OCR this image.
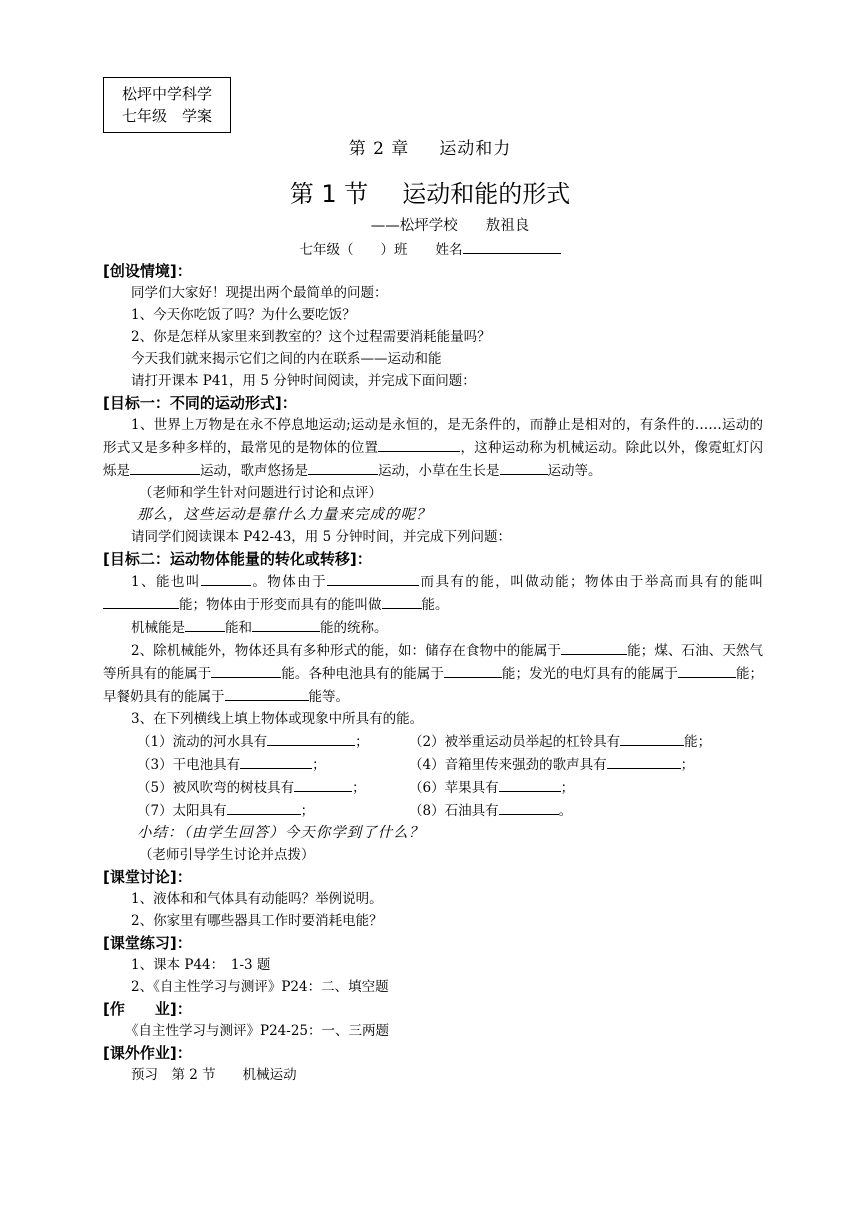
松坪中学科学
七年级　学案
第 2 章 运动和力
第 1 节 运动和能的形式
——松坪学校 敖祖良
七年级（　　）班 姓名

[创设情境]：

同学们大家好！现提出两个最简单的问题：

1、今天你吃饭了吗？为什么要吃饭？

2、你是怎样从家里来到教室的？这个过程需要消耗能量吗？

今天我们就来揭示它们之间的内在联系——运动和能

请打开课本 P41，用 5 分钟时间阅读，并完成下面问题：

[目标一：不同的运动形式]：

1、世界上万物是在永不停息地运动;运动是永恒的，是无条件的，而静止是相对的，有条件的……运动的形式又是多种多样的，最常见的是物体的位置	，这种运动称为机械运动。除此以外，像霓虹灯闪烁是	运动，歌声悠扬是	运动，小草在生长是	运动等。

（老师和学生针对问题进行讨论和点评）

那么，这些运动是靠什么力量来完成的呢？

请同学们阅读课本 P42-43，用 5 分钟时间，并完成下列问题：

[目标二：运动物体能量的转化或转移]：

1、能也叫	。物体由于	而具有的能，叫做动能；物体由于举高而具有的能叫能；物体由于形变而具有的能叫做	能。

机械能是	能和	能的统称。

2、除机械能外，物体还具有多种形式的能，如：储存在食物中的能属于	能；煤、石油、天然气等所具有的能属于	能。各种电池具有的能属于	能；发光的电灯具有的能属于	能；早餐奶具有的能属于	能等。

3、在下列横线上填上物体或现象中所具有的能。

（1）流动的河水具有	；	（2）被举重运动员举起的杠铃具有	能；
（3）干电池具有	；	（4）音箱里传来强劲的歌声具有	；
（5）被风吹弯的树枝具有	；	（6）苹果具有	；
（7）太阳具有	；	（8）石油具有	。

小结：（由学生回答）今天你学到了什么？

（老师引导学生讨论并点拨）

[课堂讨论]：

1、液体和和气体具有动能吗？举例说明。

2、你家里有哪些器具工作时要消耗电能？

[课堂练习]：

1、课本 P44：　1-3 题

2、《自主性学习与测评》P24：二、填空题

[作　　业]：

《自主性学习与测评》P24-25：一、三两题

[课外作业]：

预习　第 2 节　　机械运动
